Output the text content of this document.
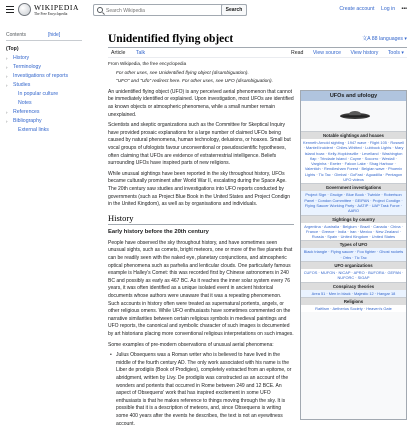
WIKIPEDIA
The Free Encyclopedia
Search Wikipedia
Search	Create account Log in •••
Contents	[hide]
(Top)
› History
› Terminology
› Investigations of reports
› Studies
In popular culture
Notes
› References
› Bibliography
External links
Unidentified flying object	文A 88 languages ▾
Article Talk	Read View source View history Tools ▾
From Wikipedia, the free encyclopedia
For other uses, see Unidentified flying object (disambiguation).
"UFO" and "Ufo" redirect here. For other uses, see UFO (disambiguation).

An unidentified flying object (UFO) is any perceived aerial phenomenon that cannot be immediately identified or explained. Upon investigation, most UFOs are identified as known objects or atmospheric phenomena, while a small number remain unexplained.

Scientists and skeptic organizations such as the Committee for Skeptical Inquiry have provided prosaic explanations for a large number of claimed UFOs being caused by natural phenomena, human technology, delusions, or hoaxes. Small but vocal groups of ufologists favour unconventional or pseudoscientific hypotheses, often claiming that UFOs are evidence of extraterrestrial intelligence. Beliefs surrounding UFOs have inspired parts of new religions.

While unusual sightings have been reported in the sky throughout history, UFOs became culturally prominent after World War II, escalating during the Space Age. The 20th century saw studies and investigations into UFO reports conducted by governments (such as Project Blue Book in the United States and Project Condign in the United Kingdom), as well as by organisations and individuals.

History
Early history before the 20th century

People have observed the sky throughout history, and have sometimes seen unusual sights, such as comets, bright meteors, one or more of the five planets that can be readily seen with the naked eye, planetary conjunctions, and atmospheric optical phenomena such as parhelia and lenticular clouds. One particularly famous example is Halley's Comet: this was recorded first by Chinese astronomers in 240 BC and possibly as early as 467 BC. As it reaches the inner solar system every 76 years, it was often identified as a unique isolated event in ancient historical documents whose authors were unaware that it was a repeating phenomenon. Such accounts in history often were treated as supernatural portents, angels, or other religious omens. While UFO enthusiasts have sometimes commented on the narrative similarities between certain religious symbols in medieval paintings and UFO reports, the canonical and symbolic character of such images is documented by art historians placing more conventional religious interpretations on such images.

Some examples of pre-modern observations of unusual aerial phenomena:

• Julius Obsequens was a Roman writer who is believed to have lived in the middle of the fourth century AD. The only work associated with his name is the Liber de prodigiis (Book of Prodigies), completely extracted from an epitome, or abridgment, written by Livy. De prodigiis was constructed as an account of the wonders and portents that occurred in Rome between 249 and 12 BCE. An aspect of Obsequens' work that has inspired excitement in some UFO enthusiasts is that he makes reference to things moving through the sky. It is possible that it is a description of meteors, and, since Obsequens is writing some 400 years after the events he describes, the text is not an eyewitness account.

UFOs and ufology
Notable sightings and hoaxes
Kenneth Arnold sighting · 1947 wave · Flight 105 · Roswell · Mantell incident · Chiles-Whitted · Lubbock Lights · Mary Island hoax · Kelly-Hopkinsville · Levelland · Washington flap · Trindade Island · Coyne · Socorro · Westall · Varginha · Exeter · Falcon Lake · Shag Harbour · Valentich · Rendlesham Forest · Belgian wave · Phoenix Lights · Tic Tac · Gimbal · GoFast · Aguadilla · Pentagon UFO videos
Government investigations
Project Sign · Grudge · Blue Book · Twinkle · Robertson Panel · Condon Committee · GEIPAN · Project Condign · Flying Saucer Working Party · AATIP · UAP Task Force · AARO
Sightings by country
Argentina · Australia · Belgium · Brazil · Canada · China · France · Greece · India · Iran · Mexico · New Zealand · Russia · Spain · United Kingdom · United States
Types of UFO
Black triangle · Flying saucer · Foo fighter · Ghost rockets · Orbs · Tic Tac
UFO organizations
CUFOS · MUFON · NICAP · APRO · BUFORA · GEPAN · NUFORC · SIGAP
Conspiracy theories
Area 51 · Men in black · Majestic 12 · Hangar 18
Religions
Raëlism · Aetherius Society · Heaven's Gate
